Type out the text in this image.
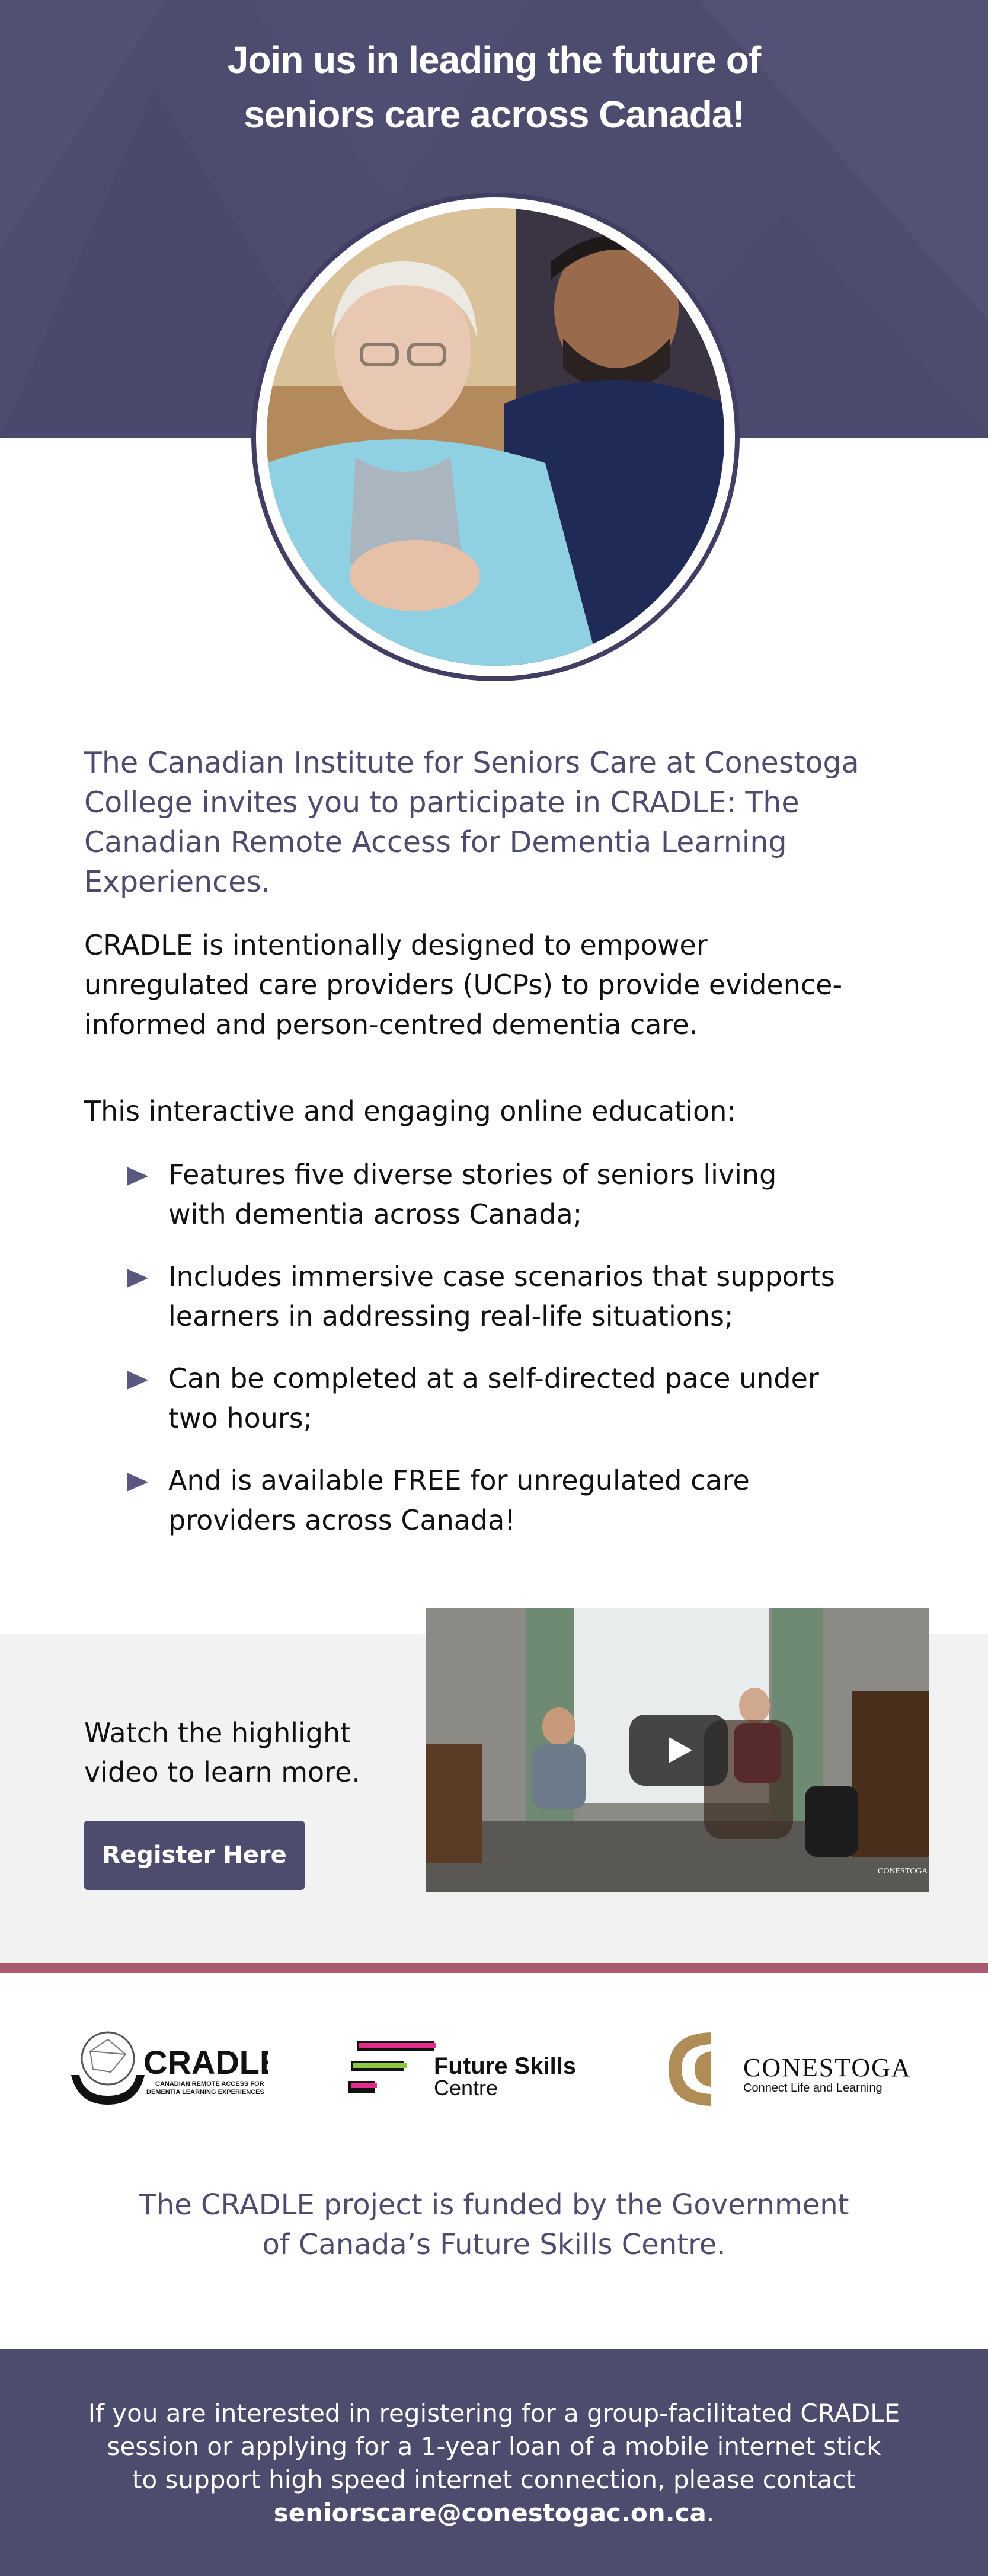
Join us in leading the future of
seniors care across Canada!
The Canadian Institute for Seniors Care at Conestoga College invites you to participate in CRADLE: The Canadian Remote Access for Dementia Learning Experiences.
CRADLE is intentionally designed to empower unregulated care providers (UCPs) to provide evidence-informed and person-centred dementia care.
This interactive and engaging online education:
Features five diverse stories of seniors living with dementia across Canada;
Includes immersive case scenarios that supports learners in addressing real-life situations;
Can be completed at a self-directed pace under two hours;
And is available FREE for unregulated care providers across Canada!
Watch the highlight
video to learn more.
Register Here
CONESTOGA
CRADLE
CANADIAN REMOTE ACCESS FOR
DEMENTIA LEARNING EXPERIENCES
Future Skills
Centre
CONESTOGA
Connect Life and Learning
The CRADLE project is funded by the Government
of Canada’s Future Skills Centre.
If you are interested in registering for a group-facilitated CRADLE
session or applying for a 1-year loan of a mobile internet stick
to support high speed internet connection, please contact
seniorscare@conestogac.on.ca.
